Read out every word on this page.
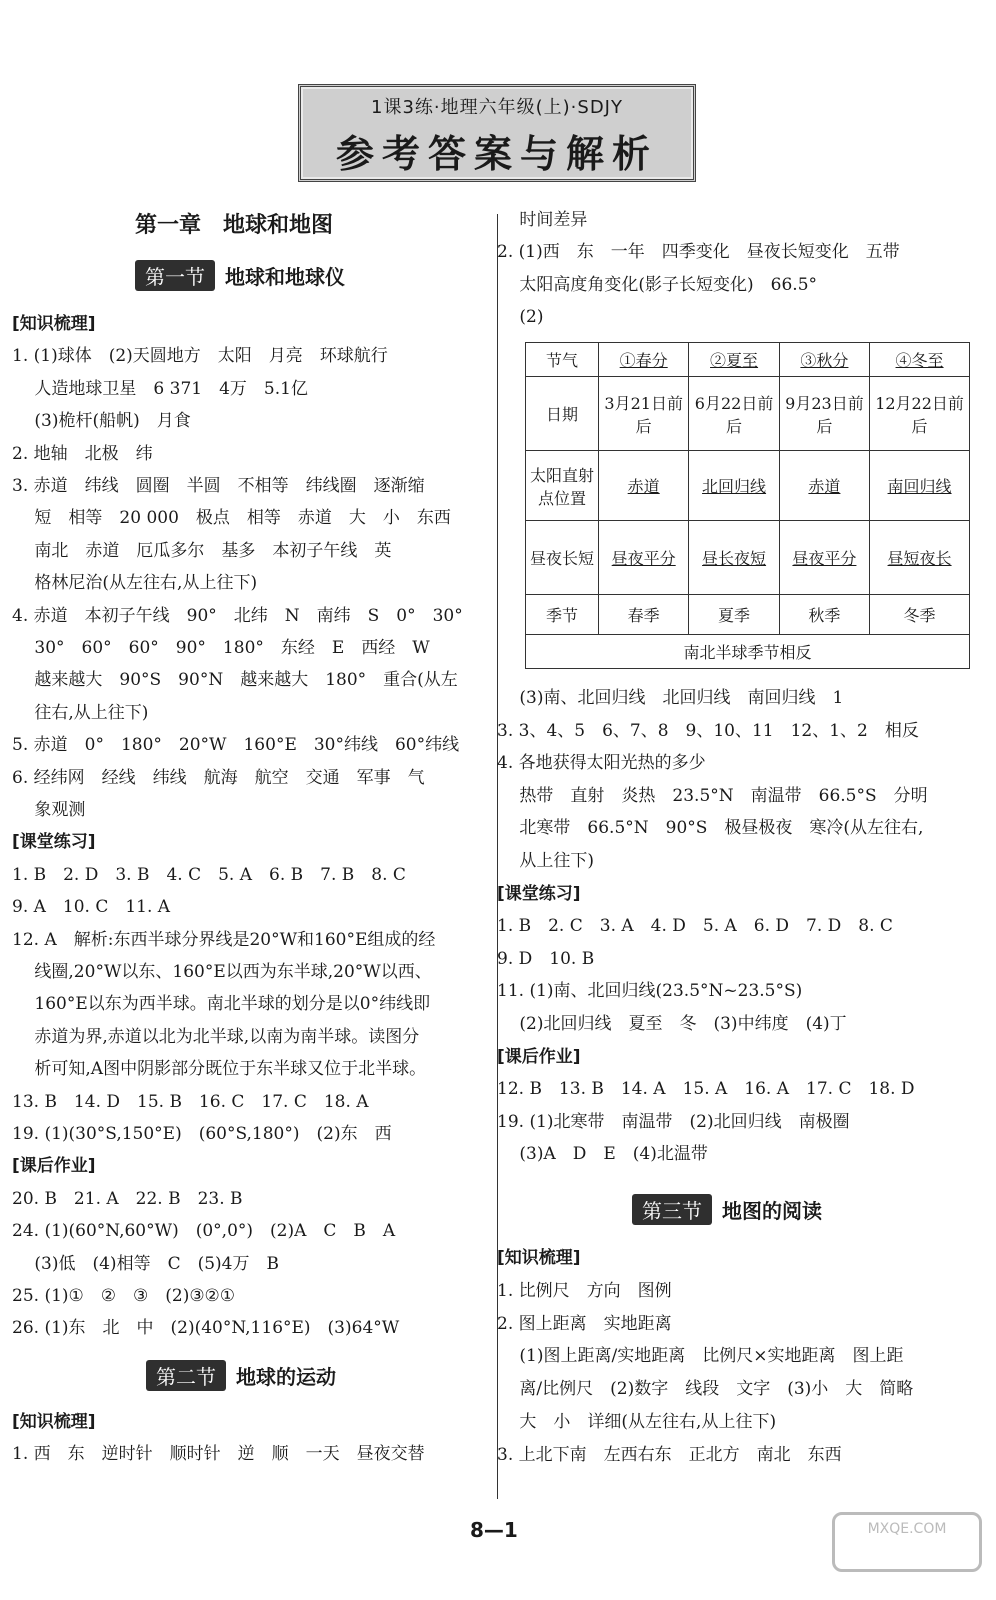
1课3练·地理六年级(上)·SDJY
参考答案与解析
第一章　地球和地图
第一节 地球和地球仪
[知识梳理]
1. (1)球体　(2)天圆地方　太阳　月亮　环球航行
　 人造地球卫星　6 371　4万　5.1亿
　 (3)桅杆(船帆)　月食
2. 地轴　北极　纬
3. 赤道　纬线　圆圈　半圆　不相等　纬线圈　逐渐缩
　 短　相等　20 000　极点　相等　赤道　大　小　东西
　 南北　赤道　厄瓜多尔　基多　本初子午线　英
　 格林尼治(从左往右,从上往下)
4. 赤道　本初子午线　90°　北纬　N　南纬　S　0°　30°
　 30°　60°　60°　90°　180°　东经　E　西经　W
　 越来越大　90°S　90°N　越来越大　180°　重合(从左
　 往右,从上往下)
5. 赤道　0°　180°　20°W　160°E　30°纬线　60°纬线
6. 经纬网　经线　纬线　航海　航空　交通　军事　气
　 象观测
[课堂练习]
1. B　2. D　3. B　4. C　5. A　6. B　7. B　8. C
9. A　10. C　11. A
12. A　解析:东西半球分界线是20°W和160°E组成的经
　 线圈,20°W以东、160°E以西为东半球,20°W以西、
　 160°E以东为西半球。南北半球的划分是以0°纬线即
　 赤道为界,赤道以北为北半球,以南为南半球。读图分
　 析可知,A图中阴影部分既位于东半球又位于北半球。
13. B　14. D　15. B　16. C　17. C　18. A
19. (1)(30°S,150°E)　(60°S,180°)　(2)东　西
[课后作业]
20. B　21. A　22. B　23. B
24. (1)(60°N,60°W)　(0°,0°)　(2)A　C　B　A
　 (3)低　(4)相等　C　(5)4万　B
25. (1)①　②　③　(2)③②①
26. (1)东　北　中　(2)(40°N,116°E)　(3)64°W
第二节 地球的运动
[知识梳理]
1. 西　东　逆时针　顺时针　逆　顺　一天　昼夜交替
　 时间差异
2. (1)西　东　一年　四季变化　昼夜长短变化　五带
　 太阳高度角变化(影子长短变化)　66.5°
　 (2)
节气	①春分	②夏至	③秋分	④冬至
日期	3月21日前后	6月22日前后	9月23日前后	12月22日前后
太阳直射点位置	赤道	北回归线	赤道	南回归线
昼夜长短	昼夜平分	昼长夜短	昼夜平分	昼短夜长
季节	春季	夏季	秋季	冬季
南北半球季节相反				
　 (3)南、北回归线　北回归线　南回归线　1
3. 3、4、5　6、7、8　9、10、11　12、1、2　相反
4. 各地获得太阳光热的多少
　 热带　直射　炎热　23.5°N　南温带　66.5°S　分明
　 北寒带　66.5°N　90°S　极昼极夜　寒冷(从左往右,
　 从上往下)
[课堂练习]
1. B　2. C　3. A　4. D　5. A　6. D　7. D　8. C
9. D　10. B
11. (1)南、北回归线(23.5°N~23.5°S)
　 (2)北回归线　夏至　冬　(3)中纬度　(4)丁
[课后作业]
12. B　13. B　14. A　15. A　16. A　17. C　18. D
19. (1)北寒带　南温带　(2)北回归线　南极圈
　 (3)A　D　E　(4)北温带
第三节 地图的阅读
[知识梳理]
1. 比例尺　方向　图例
2. 图上距离　实地距离
　 (1)图上距离/实地距离　比例尺×实地距离　图上距
　 离/比例尺　(2)数字　线段　文字　(3)小　大　简略
　 大　小　详细(从左往右,从上往下)
3. 上北下南　左西右东　正北方　南北　东西
8—1	MXQE.COM
